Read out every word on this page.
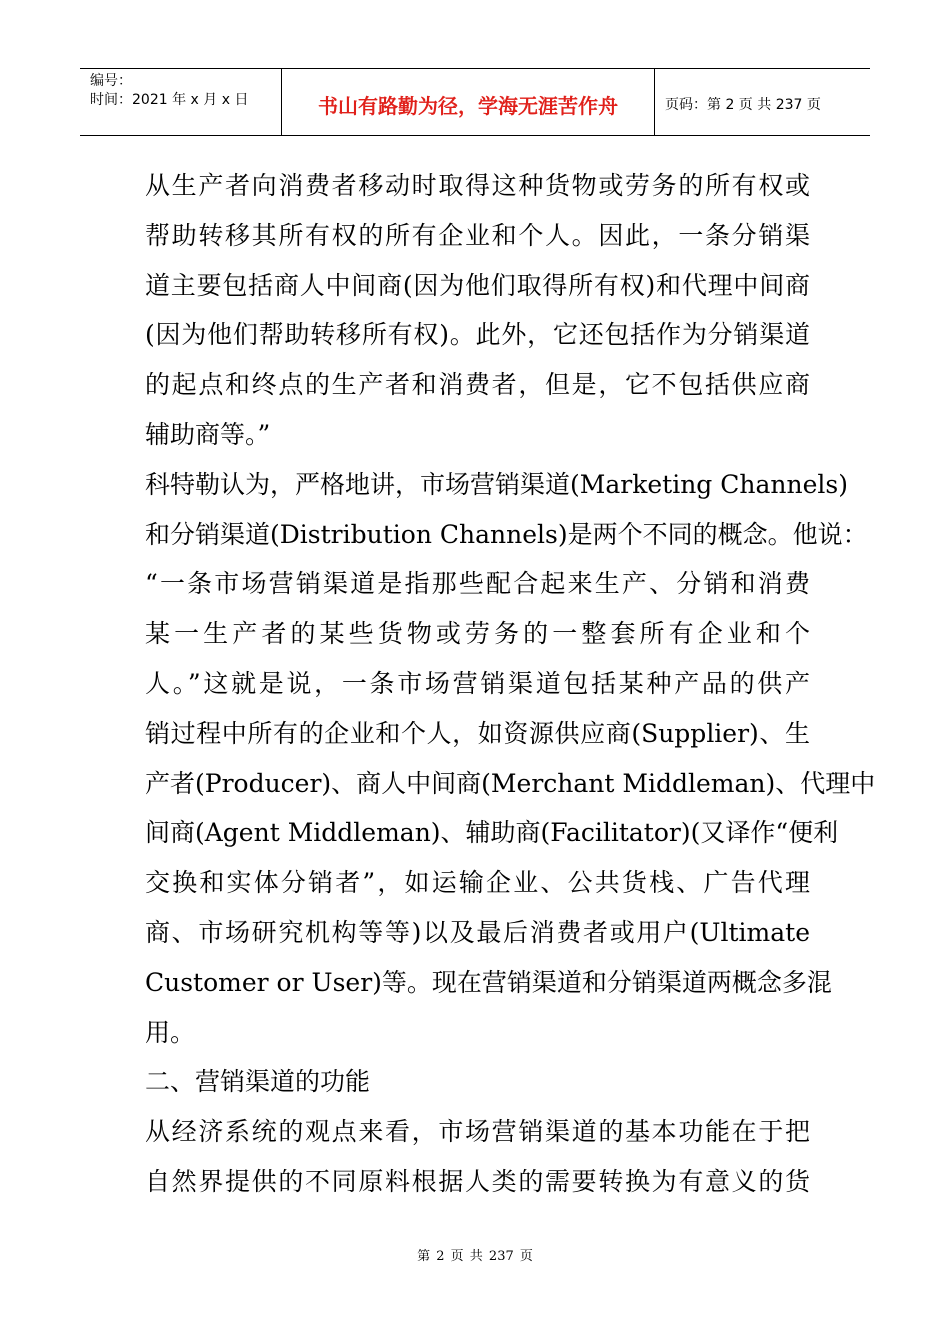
编号：
时间：2021 年 x 月 x 日	书山有路勤为径，学海无涯苦作舟	页码：第 2 页 共 237 页
从生产者向消费者移动时取得这种货物或劳务的所有权或
帮助转移其所有权的所有企业和个人。因此，一条分销渠
道主要包括商人中间商(因为他们取得所有权)和代理中间商
(因为他们帮助转移所有权)。此外，它还包括作为分销渠道
的起点和终点的生产者和消费者，但是，它不包括供应商
辅助商等。”
科特勒认为，严格地讲，市场营销渠道(Marketing Channels)
和分销渠道(Distribution Channels)是两个不同的概念。他说：
“一条市场营销渠道是指那些配合起来生产、分销和消费
某一生产者的某些货物或劳务的一整套所有企业和个
人。”这就是说，一条市场营销渠道包括某种产品的供产
销过程中所有的企业和个人，如资源供应商(Supplier)、生
产者(Producer)、商人中间商(Merchant Middleman)、代理中
间商(Agent Middleman)、辅助商(Facilitator)(又译作“便利
交换和实体分销者”，如运输企业、公共货栈、广告代理
商、市场研究机构等等)以及最后消费者或用户(Ultimate
Customer or User)等。现在营销渠道和分销渠道两概念多混
用。
二、营销渠道的功能
从经济系统的观点来看，市场营销渠道的基本功能在于把
自然界提供的不同原料根据人类的需要转换为有意义的货
第 2 页 共 237 页
